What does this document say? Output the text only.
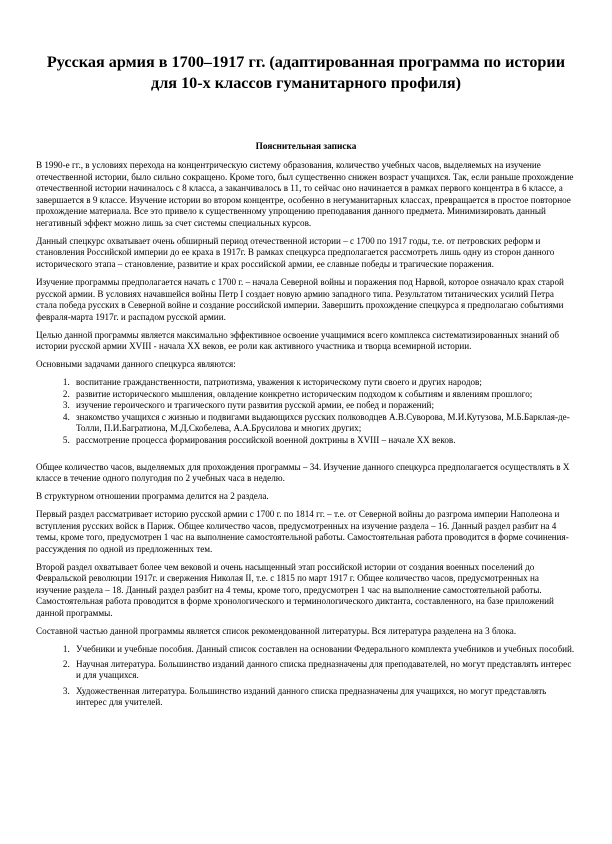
Русская армия в 1700–1917 гг. (адаптированная программа по истории
для 10-х классов гуманитарного профиля)
Пояснительная записка

В 1990-е гг., в условиях перехода на концентрическую систему образования, количество учебных часов, выделяемых на изучение отечественной истории, было сильно сокращено. Кроме того, был существенно снижен возраст учащихся. Так, если раньше прохождение отечественной истории начиналось с 8 класса, а заканчивалось в 11, то сейчас оно начинается в рамках первого концентра в 6 классе, а завершается в 9 классе. Изучение истории во втором концентре, особенно в негуманитарных классах, превращается в простое повторное прохождение материала. Все это привело к существенному упрощению преподавания данного предмета. Минимизировать данный негативный эффект можно лишь за счет системы специальных курсов.

Данный спецкурс охватывает очень обширный период отечественной истории – с 1700 по 1917 годы, т.е. от петровских реформ и становления Российской империи до ее краха в 1917г. В рамках спецкурса предполагается рассмотреть лишь одну из сторон данного исторического этапа – становление, развитие и крах российской армии, ее славные победы и трагические поражения.

Изучение программы предполагается начать с 1700 г. – начала Северной войны и поражения под Нарвой, которое означало крах старой русской армии. В условиях начавшейся войны Петр I создает новую армию западного типа. Результатом титанических усилий Петра стала победа русских в Северной войне и создание российской империи. Завершить прохождение спецкурса я предполагаю событиями февраля-марта 1917г. и распадом русской армии.

Целью данной программы является максимально эффективное освоение учащимися всего комплекса систематизированных знаний об истории русской армии XVIII - начала XX веков, ее роли как активного участника и творца всемирной истории.

Основными задачами данного спецкурса являются:

1. воспитание гражданственности, патриотизма, уважения к историческому пути своего и других народов;
2. развитие исторического мышления, овладение конкретно историческим подходом к событиям и явлениям прошлого;
3. изучение героического и трагического пути развития русской армии, ее побед и поражений;
4. знакомство учащихся с жизнью и подвигами выдающихся русских полководцев А.В.Суворова, М.И.Кутузова, М.Б.Барклая-де-Толли, П.И.Багратиона, М.Д.Скобелева, А.А.Брусилова и многих других;
5. рассмотрение процесса формирования российской военной доктрины в XVIII – начале XX веков.

Общее количество часов, выделяемых для прохождения программы – 34. Изучение данного спецкурса предполагается осуществлять в Х классе в течение одного полугодия по 2 учебных часа в неделю.

В структурном отношении программа делится на 2 раздела.

Первый раздел рассматривает историю русской армии с 1700 г. по 1814 гг. – т.е. от Северной войны до разгрома империи Наполеона и вступления русских войск в Париж. Общее количество часов, предусмотренных на изучение раздела – 16. Данный раздел разбит на 4 темы, кроме того, предусмотрен 1 час на выполнение самостоятельной работы. Самостоятельная работа проводится в форме сочинения-рассуждения по одной из предложенных тем.

Второй раздел охватывает более чем вековой и очень насыщенный этап российской истории от создания военных поселений до Февральской революции 1917г. и свержения Николая II, т.е. с 1815 по март 1917 г. Общее количество часов, предусмотренных на изучение раздела – 18. Данный раздел разбит на 4 темы, кроме того, предусмотрен 1 час на выполнение самостоятельной работы. Самостоятельная работа проводится в форме хронологического и терминологического диктанта, составленного, на базе приложений данной программы.

Составной частью данной программы является список рекомендованной литературы. Вся литература разделена на 3 блока.

1. Учебники и учебные пособия. Данный список составлен на основании Федерального комплекта учебников и учебных пособий.
2. Научная литература. Большинство изданий данного списка предназначены для преподавателей, но могут представлять интерес и для учащихся.
3. Художественная литература. Большинство изданий данного списка предназначены для учащихся, но могут представлять интерес для учителей.
